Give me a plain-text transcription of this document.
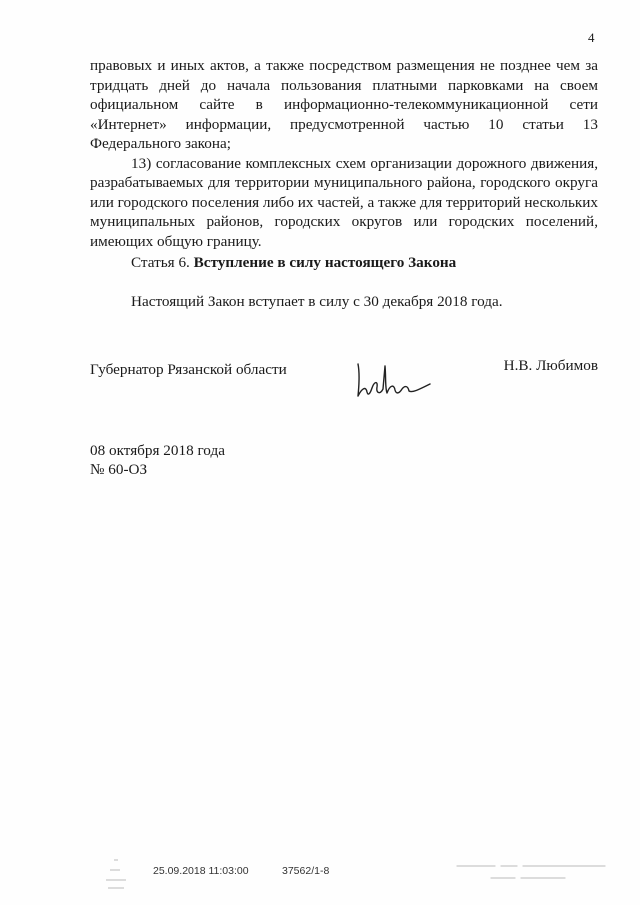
4

правовых и иных актов, а также посредством размещения не позднее чем за тридцать дней до начала пользования платными парковками на своем официальном сайте в информационно-телекоммуникационной сети «Интернет» информации, предусмотренной частью 10 статьи 13 Федерального закона;

13) согласование комплексных схем организации дорожного движения, разрабатываемых для территории муниципального района, городского округа или городского поселения либо их частей, а также для территорий нескольких муниципальных районов, городских округов или городских поселений, имеющих общую границу.

Статья 6. Вступление в силу настоящего Закона
Настоящий Закон вступает в силу с 30 декабря 2018 года.
Губернатор Рязанской области	Н.В. Любимов
08 октября 2018 года
№ 60-ОЗ
25.09.2018 11:03:00	37562/1-8
